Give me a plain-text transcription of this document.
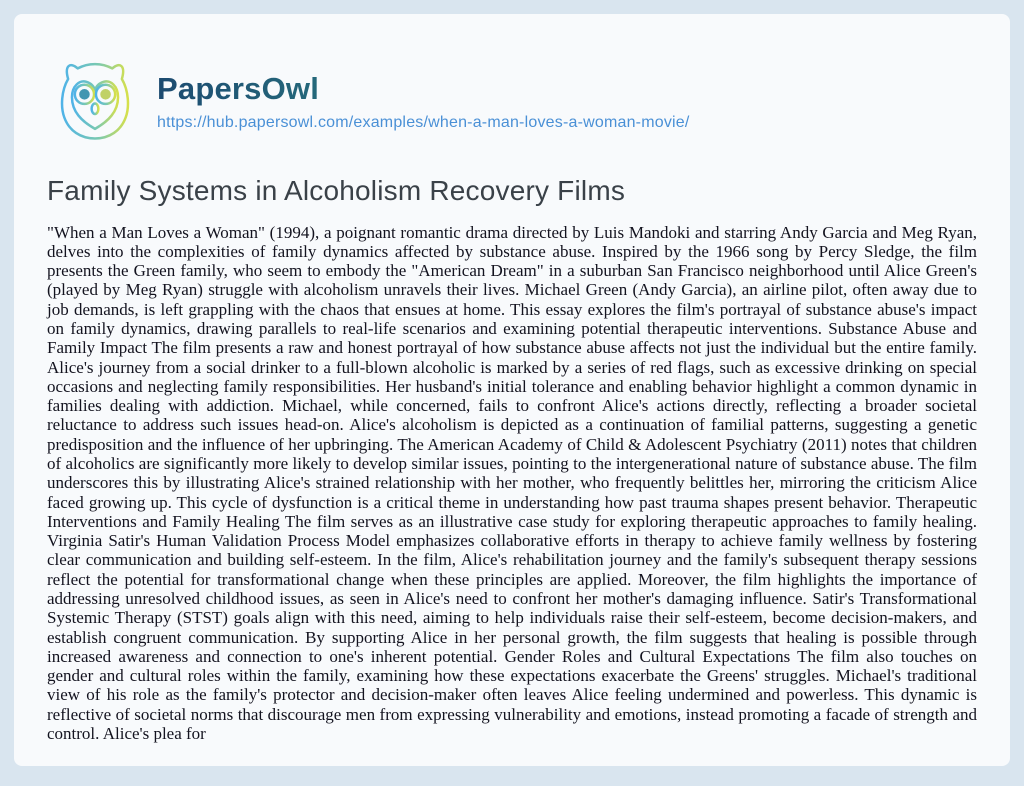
PapersOwl
https://hub.papersowl.com/examples/when-a-man-loves-a-woman-movie/
Family Systems in Alcoholism Recovery Films

"When a Man Loves a Woman" (1994), a poignant romantic drama directed by Luis Mandoki and starring Andy Garcia and Meg Ryan, delves into the complexities of family dynamics affected by substance abuse. Inspired by the 1966 song by Percy Sledge, the film presents the Green family, who seem to embody the "American Dream" in a suburban San Francisco neighborhood until Alice Green's (played by Meg Ryan) struggle with alcoholism unravels their lives. Michael Green (Andy Garcia), an airline pilot, often away due to job demands, is left grappling with the chaos that ensues at home. This essay explores the film's portrayal of substance abuse's impact on family dynamics, drawing parallels to real-life scenarios and examining potential therapeutic interventions. Substance Abuse and Family Impact The film presents a raw and honest portrayal of how substance abuse affects not just the individual but the entire family. Alice's journey from a social drinker to a full-blown alcoholic is marked by a series of red flags, such as excessive drinking on special occasions and neglecting family responsibilities. Her husband's initial tolerance and enabling behavior highlight a common dynamic in families dealing with addiction. Michael, while concerned, fails to confront Alice's actions directly, reflecting a broader societal reluctance to address such issues head-on. Alice's alcoholism is depicted as a continuation of familial patterns, suggesting a genetic predisposition and the influence of her upbringing. The American Academy of Child & Adolescent Psychiatry (2011) notes that children of alcoholics are significantly more likely to develop similar issues, pointing to the intergenerational nature of substance abuse. The film underscores this by illustrating Alice's strained relationship with her mother, who frequently belittles her, mirroring the criticism Alice faced growing up. This cycle of dysfunction is a critical theme in understanding how past trauma shapes present behavior. Therapeutic Interventions and Family Healing The film serves as an illustrative case study for exploring therapeutic approaches to family healing. Virginia Satir's Human Validation Process Model emphasizes collaborative efforts in therapy to achieve family wellness by fostering clear communication and building self-esteem. In the film, Alice's rehabilitation journey and the family's subsequent therapy sessions reflect the potential for transformational change when these principles are applied. Moreover, the film highlights the importance of addressing unresolved childhood issues, as seen in Alice's need to confront her mother's damaging influence. Satir's Transformational Systemic Therapy (STST) goals align with this need, aiming to help individuals raise their self-esteem, become decision-makers, and establish congruent communication. By supporting Alice in her personal growth, the film suggests that healing is possible through increased awareness and connection to one's inherent potential. Gender Roles and Cultural Expectations The film also touches on gender and cultural roles within the family, examining how these expectations exacerbate the Greens' struggles. Michael's traditional view of his role as the family's protector and decision-maker often leaves Alice feeling undermined and powerless. This dynamic is reflective of societal norms that discourage men from expressing vulnerability and emotions, instead promoting a facade of strength and control. Alice's plea for
